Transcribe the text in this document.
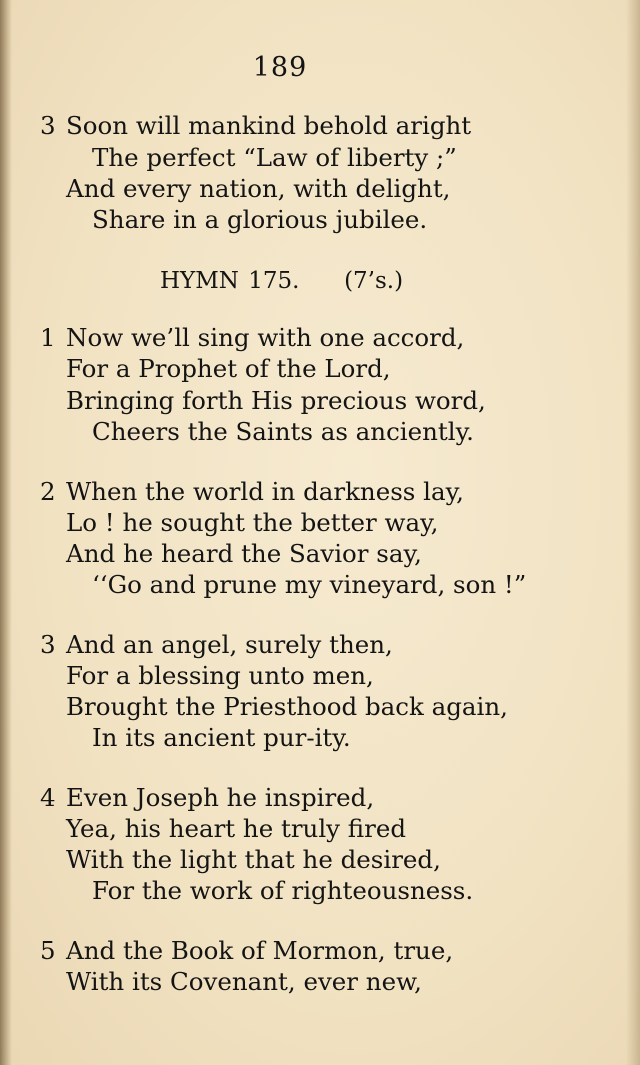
189
3 Soon will mankind behold aright
The perfect “Law of liberty ;”
And every nation, with delight,
Share in a glorious jubilee.
HYMN 175. (7’s.)
1 Now we’ll sing with one accord,
For a Prophet of the Lord,
Bringing forth His precious word,
Cheers the Saints as anciently.
2 When the world in darkness lay,
Lo ! he sought the better way,
And he heard the Savior say,
‘‘Go and prune my vineyard, son !”
3 And an angel, surely then,
For a blessing unto men,
Brought the Priesthood back again,
In its ancient pur-ity.
4 Even Joseph he inspired,
Yea, his heart he truly fired
With the light that he desired,
For the work of righteousness.
5 And the Book of Mormon, true,
With its Covenant, ever new,
